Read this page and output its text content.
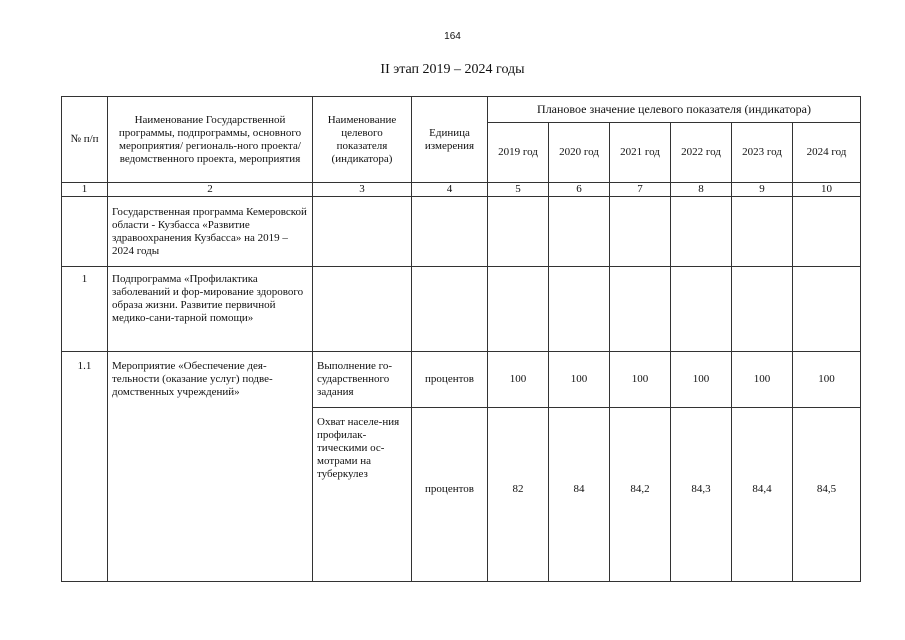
164
II этап 2019 – 2024 годы
№ п/п	Наименование Государственной программы, подпрограммы, основного мероприятия/ региональ-ного проекта/ведомственного проекта, мероприятия	Наименование целевого показателя (индикатора)	Единица измерения	Плановое значение целевого показателя (индикатора)					
				2019 год	2020 год	2021 год	2022 год	2023 год	2024 год
1	2	3	4	5	6	7	8	9	10
	Государственная программа Кемеровской области - Кузбасса «Развитие здравоохранения Кузбасса» на 2019 – 2024 годы								
1	Подпрограмма «Профилактика заболеваний и фор-мирование здорового образа жизни. Развитие первичной медико-сани-тарной помощи»								
1.1	Мероприятие «Обеспечение дея-тельности (оказание услуг) подве-домственных учреждений»	Выполнение го-сударственного задания	процентов	100	100	100	100	100	100
		Охват населе-ния профилак-тическими ос-мотрами на туберкулез	процентов	82	84	84,2	84,3	84,4	84,5
